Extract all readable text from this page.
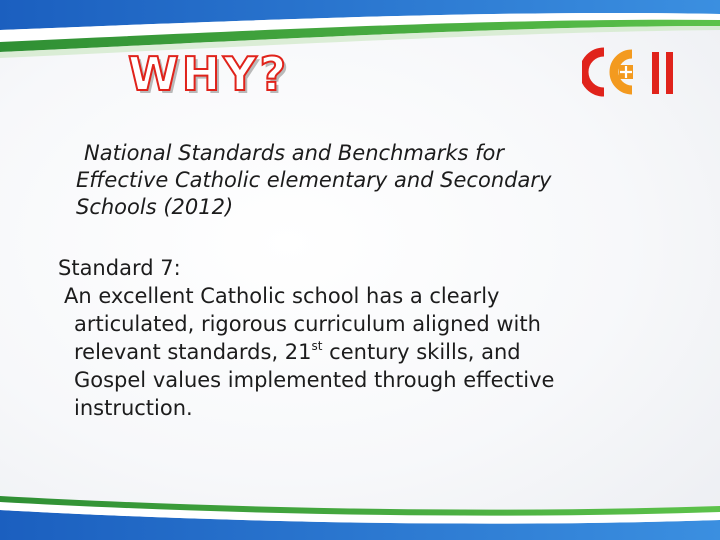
WHY?
National Standards and Benchmarks for
Effective Catholic elementary and Secondary
Schools (2012)
Standard 7:
An excellent Catholic school has a clearly
articulated, rigorous curriculum aligned with
relevant standards, 21st century skills, and
Gospel values implemented through effective
instruction.
